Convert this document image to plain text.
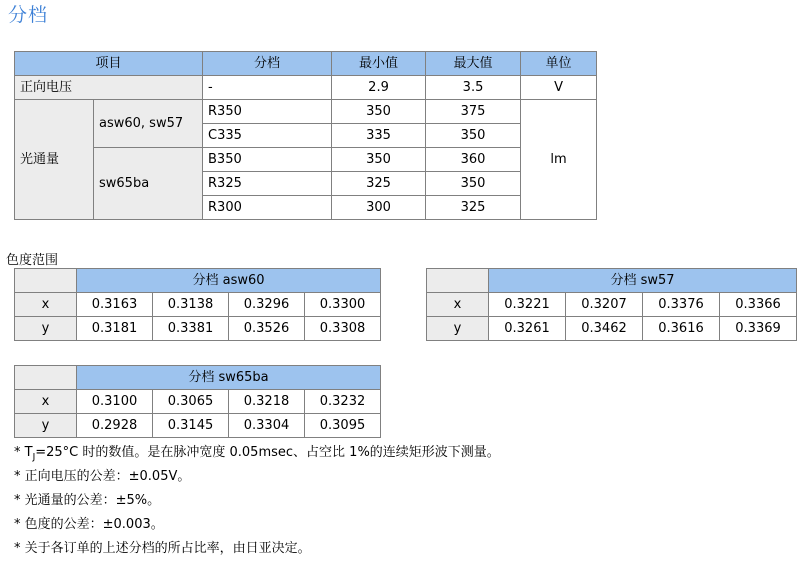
分档
项目		分档	最小值	最大值	单位
正向电压		-	2.9	3.5	V
光通量	asw60, sw57	R350	350	375	lm
		C335	335	350	
	sw65ba	B350	350	360	
		R325	325	350	
		R300	300	325	
色度范围
	分档 asw60			
x	0.3163	0.3138	0.3296	0.3300
y	0.3181	0.3381	0.3526	0.3308
	分档 sw57			
x	0.3221	0.3207	0.3376	0.3366
y	0.3261	0.3462	0.3616	0.3369
	分档 sw65ba			
x	0.3100	0.3065	0.3218	0.3232
y	0.2928	0.3145	0.3304	0.3095
* $T_J=25^\circ C$ 时的数值。是在脉冲宽度 0.05msec、占空比 1%的连续矩形波下测量。
* 正向电压的公差：±0.05V。
* 光通量的公差：±5%。
* 色度的公差：±0.003。
* 关于各订单的上述分档的所占比率，由日亚决定。
